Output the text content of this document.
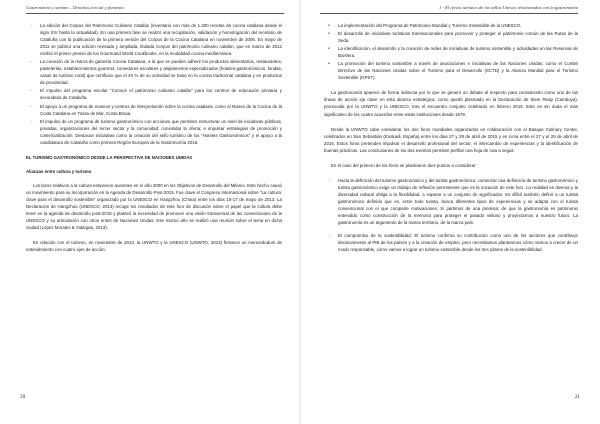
Gastronomía y turismo – Destinos con sal y pimienta
- La edición del Corpus del Patrimonio Culinario Catalán (inventario con más de 1.200 recetas de cocina catalana desde el siglo XIV hasta la actualidad). En una primera fase se realizó una recopilación, validación y homologación del recetario de Cataluña con la publicación de la primera versión del Corpus de la Cocina Catalana en noviembre de 2006. En mayo de 2011 se publicó una edición revisada y ampliada, titulada Corpus del patrimonio culinario catalán, que en marzo de 2012 recibió el primer premio de los Gourmand World Cookbooks, en la modalidad cocina mediterránea.
- La creación de la marca de garantía Cocina Catalana, a la que se pueden adherir los productos alimentarios, restaurantes, pastelerías, establecimientos gourmet, comedores escolares y alojamientos especializados (hoteles-gastronómicos, fondas, casas de turismo rural) que certifican que el 40 % de su actividad se basa en la cocina tradicional catalana y en productos de proximidad.
- El impulso del programa escolar “Conocé el patrimonio culinario catalán” para los centros de educación primaria y secundaria de Cataluña.
- El apoyo a un programa de museos y centros de interpretación sobre la cocina catalana, como el Museo de la Cocina de la Costa Catalana en Tossa de Mar, Costa Brava.
- El impulso de un programa de turismo gastronómico con acciones que permiten estructurar un nivel de iniciativas públicas, privadas, organizaciones del tercer sector y la comunidad; consolidar la oferta; e impulsar estrategias de promoción y comercialización. Destacan iniciativas como la creación del sello turístico de los “Hoteles Gastronómicos” y el apoyo a la candidatura de Cataluña como primera Región Europea de la Gastronomía 2016.

EL TURISMO GASTRONÓMICO DESDE LA PERSPECTIVA DE NACIONES UNIDAS

Alianzas entre cultura y turismo

Los lazos relativos a la cultura estuvieron ausentes en el año 2000 en los Objetivos de Desarrollo del Milenio. Este hecho causó un movimiento para su incorporación en la Agenda de Desarrollo Post-2015. Fue clave el Congreso Internacional sobre “La cultura: clave para el desarrollo sostenible” organizado por la UNESCO en Hangzhou (China) entre los días 15-17 de mayo de 2013. La Declaración de Hangzhou (UNESCO, 2013) recoge los resultados de este foro de discusión sobre el papel que la cultura debe tener en la agenda de desarrollo post-2015 y planteó la necesidad de promover una visión transversal de las convenciones de la UNESCO y su articulación con otros entes de Naciones Unidas. Ese mismo año se realizó una reunión sobre el tema en dicha ciudad (López Morales & Vidargas, 2013).

En relación con el turismo, en noviembre de 2013, la UNWTO y la UNESCO (UNWTO, 2013) firmaron un memorándum de entendimiento con cuatro ejes de acción:

20
1 - El efecto turístico de los sellos Unesco relacionados con la gastronomía
● La implementación del Programa de Patrimonio Mundial y Turismo Sostenible de la UNESCO.
● El desarrollo de iniciativas turísticas transnacionales para promover y proteger el patrimonio común de las Rutas de la Seda.
● La identificación, el desarrollo y la creación de redes de iniciativas de turismo sostenible y actividades en las Reservas de Biosfera.
● La promoción del turismo sostenible a través de asociaciones e iniciativas de las Naciones Unidas, como el Comité Directivo de las Naciones Unidas sobre el Turismo para el Desarrollo (SCTD) y la Alianza Mundial para el Turismo Sostenible (GPST).

La gastronomía aparece de forma indirecta por lo que se generó un debate al respecto para considerarlo como uno de las líneas de acción eje clave en esta alianza estratégica, como quedó plasmado en la Declaración de Siem Reap (Camboya), promovida por la UNWTO y la UNESCO, tras el encuentro conjunto celebrado en febrero 2015. Este es sin duda el más significativo de los cuatro acuerdos entre estas instituciones desde 1979.

Desde la UNWTO cabe considerar los dos foros mundiales organizados en colaboración con el Basque Culinary Center, celebrados en San Sebastián (Euskadi, España) entre los días 27 y 28 de abril de 2015 y en Lima entre el 27 y el 29 de abril de 2016. Estos foros pretenden impulsar el desarrollo profesional del sector, el intercambio de experiencias y la identificación de buenas prácticas. Las conclusiones de los dos eventos permiten perfilar una hoja de ruta a seguir.

En el caso del primero de los foros se plantearon diez puntos a considerar:

- Hacia la definición del turismo gastronómico y del turista gastronómico: comenzar una definición de turismo gastronómico y turista gastronómico exige un trabajo de reflexión permanente que es la vocación de este foro. La realidad es diversa y la diversidad cultural obliga a la flexibilidad, a superar a un conjunto de significados. Es difícil también definir a un turista gastronómico definido que es, entre todo turista, busca diferentes tipos de experiencias y se adapta con el turista convencional con el que comparte motivaciones. Si partimos de una premisa: de que la gastronomía es patrimonio entendido como construcción de la memoria para proteger el pasado valioso y proyectarnos a nuestro futuro. La gastronomía es un argumento de la marca territorio, de la marca país.
- El compromiso de la sostenibilidad: El turismo confirma su contribución como uno de los sectores que contribuye decisivamente al PIB de los países y a la creación de empleo, pero necesitamos plantearnos cómo vamos a crecer de un modo responsable, cómo vamos a lograr un turismo sostenible desde los tres pilares de la sostenibilidad
21
